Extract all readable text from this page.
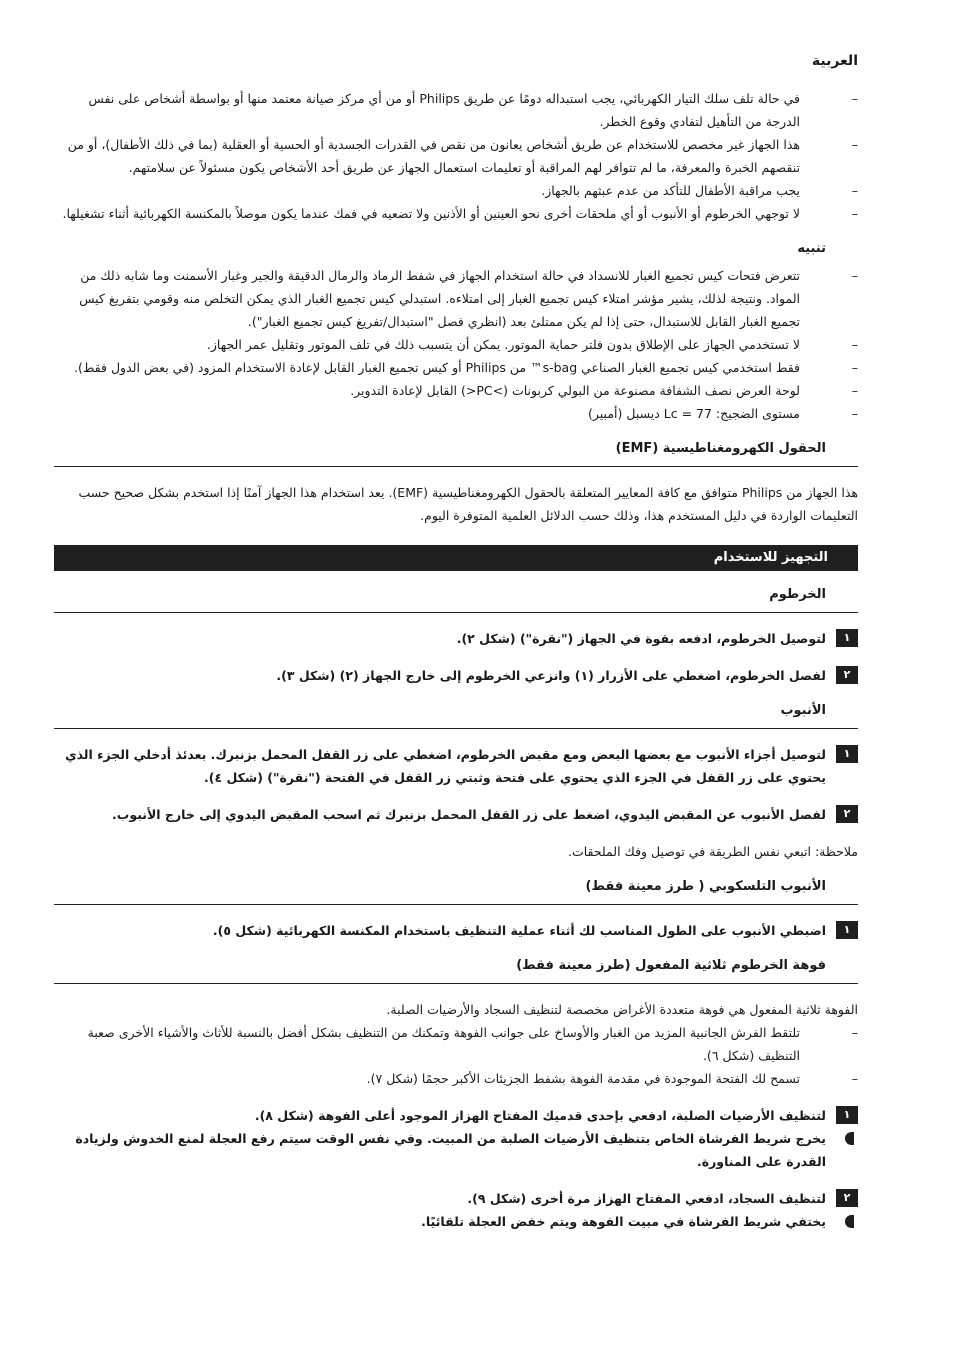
العربية
– في حالة تلف سلك التيار الكهربائي، يجب استبداله دومًا عن طريق Philips أو من أي مركز صيانة معتمد منها أو بواسطة أشخاص على نفس الدرجة من التأهيل لتفادي وقوع الخطر.
– هذا الجهاز غير مخصص للاستخدام عن طريق أشخاص يعانون من نقص في القدرات الجسدية أو الحسية أو العقلية (بما في ذلك الأطفال)، أو من تنقصهم الخبرة والمعرفة، ما لم تتوافر لهم المراقبة أو تعليمات استعمال الجهاز عن طريق أحد الأشخاص يكون مسئولاً عن سلامتهم.
– يجب مراقبة الأطفال للتأكد من عدم عبثهم بالجهاز.
– لا توجهي الخرطوم أو الأنبوب أو أي ملحقات أخرى نحو العينين أو الأذنين ولا تضعيه في فمك عندما يكون موصلاً بالمكنسة الكهربائية أثناء تشغيلها.
تنبيه
– تتعرض فتحات كيس تجميع الغبار للانسداد في حالة استخدام الجهاز في شفط الرماد والرمال الدقيقة والجير وغبار الأسمنت وما شابه ذلك من المواد. ونتيجة لذلك، يشير مؤشر امتلاء كيس تجميع الغبار إلى امتلاءه. استبدلي كيس تجميع الغبار الذي يمكن التخلص منه وقومي بتفريغ كيس تجميع الغبار القابل للاستبدال، حتى إذا لم يكن ممتلئ بعد (انظري فصل "استبدال/تفريغ كيس تجميع الغبار").
– لا تستخدمي الجهاز على الإطلاق بدون فلتر حماية الموتور. يمكن أن يتسبب ذلك في تلف الموتور وتقليل عمر الجهاز.
– فقط استخدمي كيس تجميع الغبار الصناعي s-bag™ من Philips أو كيس تجميع الغبار القابل لإعادة الاستخدام المزود (في بعض الدول فقط).
– لوحة العرض نصف الشفافة مصنوعة من البولي كربونات (>PC<) القابل لإعادة التدوير.
– مستوى الضجيج: Lc = 77 ديسبل (أمبير)
الحقول الكهرومغناطيسية (EMF)

هذا الجهاز من Philips متوافق مع كافة المعايير المتعلقة بالحقول الكهرومغناطيسية (EMF). يعد استخدام هذا الجهاز آمنًا إذا استخدم بشكل صحيح حسب التعليمات الواردة في دليل المستخدم هذا، وذلك حسب الدلائل العلمية المتوفرة اليوم.

التجهيز للاستخدام
الخرطوم
١
لتوصيل الخرطوم، ادفعه بقوة في الجهاز ("نقرة") (شكل ٢).
٢
لفصل الخرطوم، اضغطي على الأزرار (١) وانزعي الخرطوم إلى خارج الجهاز (٢) (شكل ٣).
الأنبوب
١
لتوصيل أجزاء الأنبوب مع بعضها البعض ومع مقبض الخرطوم، اضغطي على زر القفل المحمل بزنبرك. بعدئذ أدخلي الجزء الذي يحتوي على زر القفل في الجزء الذي يحتوي على فتحة وثبتي زر القفل في الفتحة ("نقرة") (شكل ٤).
٢
لفصل الأنبوب عن المقبض اليدوي، اضغط على زر القفل المحمل بزنبرك ثم اسحب المقبض اليدوي إلى خارج الأنبوب.

ملاحظة: اتبعي نفس الطريقة في توصيل وفك الملحقات.

الأنبوب التلسكوبي ( طرز معينة فقط)
١
اضبطي الأنبوب على الطول المناسب لك أثناء عملية التنظيف باستخدام المكنسة الكهربائية (شكل ٥).
فوهة الخرطوم ثلاثية المفعول (طرز معينة فقط)

الفوهة ثلاثية المفعول هي فوهة متعددة الأغراض مخصصة لتنظيف السجاد والأرضيات الصلبة.

– تلتقط الفرش الجانبية المزيد من الغبار والأوساخ على جوانب الفوهة وتمكنك من التنظيف بشكل أفضل بالنسبة للأثاث والأشياء الأخرى صعبة التنظيف (شكل ٦).
– تسمح لك الفتحة الموجودة في مقدمة الفوهة بشفط الجزيئات الأكبر حجمًا (شكل ٧).
١
لتنظيف الأرضيات الصلبة، ادفعي بإحدى قدميك المفتاح الهزاز الموجود أعلى الفوهة (شكل ٨).
يخرج شريط الفرشاة الخاص بتنظيف الأرضيات الصلبة من المبيت. وفي نفس الوقت سيتم رفع العجلة لمنع الخدوش ولزيادة القدرة على المناورة.
٢
لتنظيف السجاد، ادفعي المفتاح الهزاز مرة أخرى (شكل ٩).
يختفي شريط الفرشاة في مبيت الفوهة ويتم خفض العجلة تلقائيًا.
